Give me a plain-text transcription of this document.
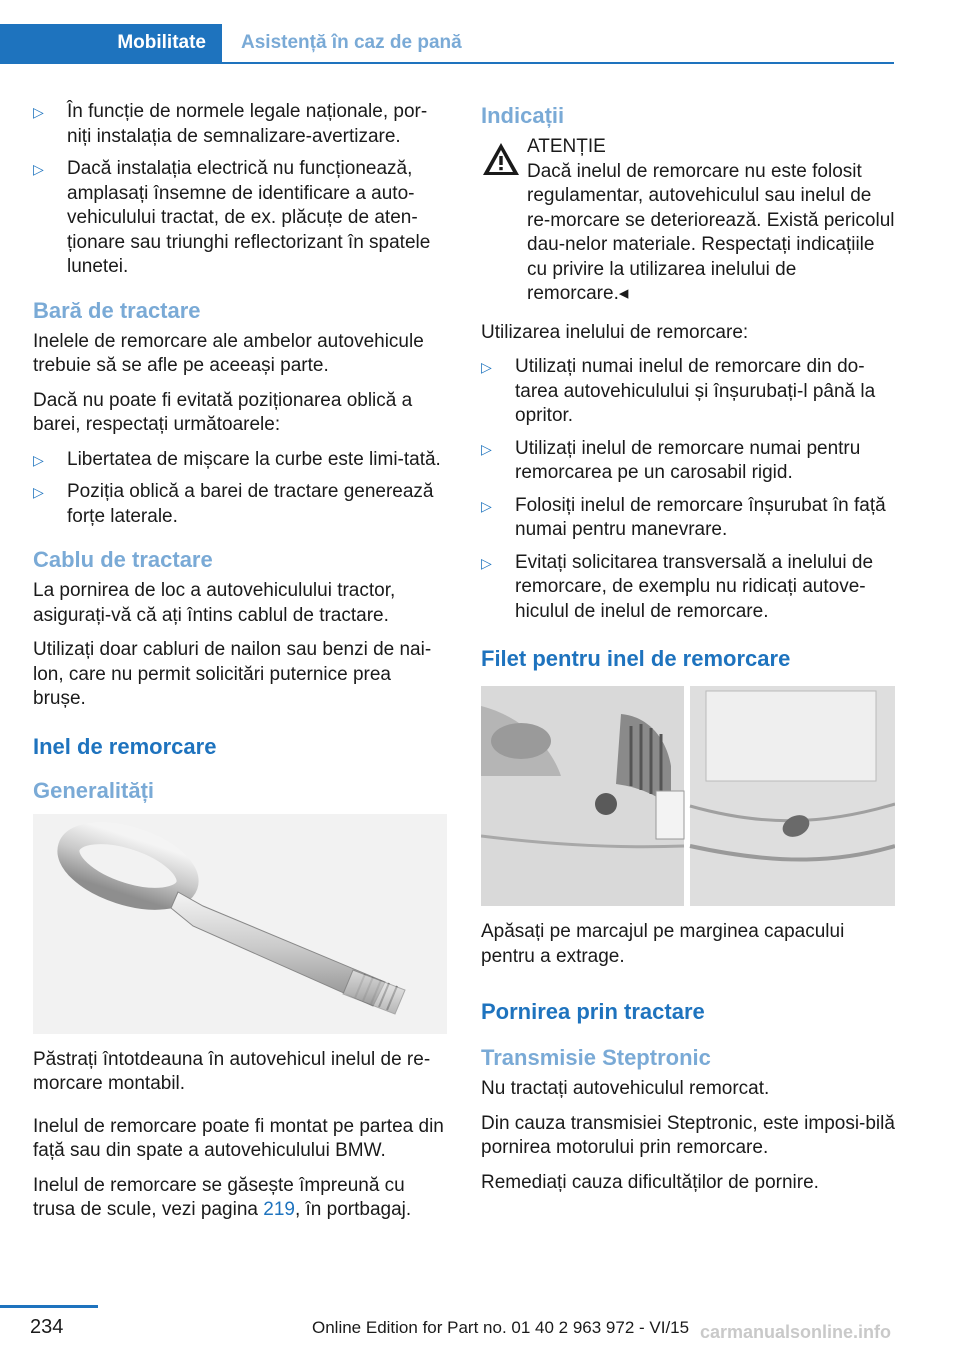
Mobilitate Asistență în caz de pană
▷ În funcție de normele legale naționale, por‐niți instalația de semnalizare-avertizare.
▷ Dacă instalația electrică nu funcționează, amplasați însemne de identificare a auto‐vehiculului tractat, de ex. plăcuțe de aten‐ționare sau triunghi reflectorizant în spatele lunetei.
Bară de tractare

Inelele de remorcare ale ambelor autovehicule trebuie să se afle pe aceeași parte.

Dacă nu poate fi evitată poziționarea oblică a barei, respectați următoarele:

▷ Libertatea de mișcare la curbe este limi‐tată.
▷ Poziția oblică a barei de tractare generează forțe laterale.
Cablu de tractare

La pornirea de loc a autovehiculului tractor, asigurați-vă că ați întins cablul de tractare.

Utilizați doar cabluri de nailon sau benzi de nai‐lon, care nu permit solicitări puternice prea brușe.

Inel de remorcare
Generalități

Păstrați întotdeauna în autovehicul inelul de re‐morcare montabil.

Inelul de remorcare poate fi montat pe partea din față sau din spate a autovehiculului BMW.

Inelul de remorcare se găsește împreună cu trusa de scule, vezi pagina 219, în portbagaj.

Indicații
ATENȚIE

Dacă inelul de remorcare nu este folosit regulamentar, autovehiculul sau inelul de re‐morcare se deteriorează. Există pericolul dau‐nelor materiale. Respectați indicațiile cu privire la utilizarea inelului de remorcare.◂

Utilizarea inelului de remorcare:

▷ Utilizați numai inelul de remorcare din do‐tarea autovehiculului și înșurubați-l până la opritor.
▷ Utilizați inelul de remorcare numai pentru remorcarea pe un carosabil rigid.
▷ Folosiți inelul de remorcare înșurubat în față numai pentru manevrare.
▷ Evitați solicitarea transversală a inelului de remorcare, de exemplu nu ridicați autove‐hiculul de inelul de remorcare.
Filet pentru inel de remorcare

Apăsați pe marcajul pe marginea capacului pentru a extrage.

Pornirea prin tractare
Transmisie Steptronic

Nu tractați autovehiculul remorcat.

Din cauza transmisiei Steptronic, este imposi‐bilă pornirea motorului prin remorcare.

Remediați cauza dificultăților de pornire.

234	Online Edition for Part no. 01 40 2 963 972 - VI/15 carmanualsonline.info
